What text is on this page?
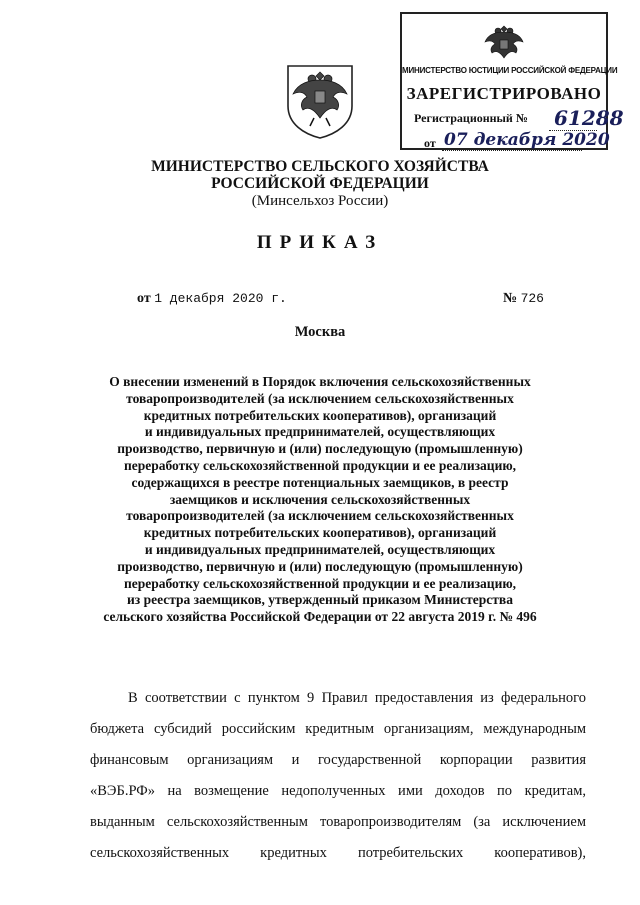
МИНИСТЕРСТВО ЮСТИЦИИ РОССИЙСКОЙ ФЕДЕРАЦИИ
ЗАРЕГИСТРИРОВАНО
Регистрационный № 61288
от 07 декабря 2020
МИНИСТЕРСТВО СЕЛЬСКОГО ХОЗЯЙСТВА
РОССИЙСКОЙ ФЕДЕРАЦИИ
(Минсельхоз России)
ПРИКАЗ
от 1 декабря 2020 г.	№ 726
Москва
О внесении изменений в Порядок включения сельскохозяйственных
товаропроизводителей (за исключением сельскохозяйственных
кредитных потребительских кооперативов), организаций
и индивидуальных предпринимателей, осуществляющих
производство, первичную и (или) последующую (промышленную)
переработку сельскохозяйственной продукции и ее реализацию,
содержащихся в реестре потенциальных заемщиков, в реестр
заемщиков и исключения сельскохозяйственных
товаропроизводителей (за исключением сельскохозяйственных
кредитных потребительских кооперативов), организаций
и индивидуальных предпринимателей, осуществляющих
производство, первичную и (или) последующую (промышленную)
переработку сельскохозяйственной продукции и ее реализацию,
из реестра заемщиков, утвержденный приказом Министерства
сельского хозяйства Российской Федерации от 22 августа 2019 г. № 496
В соответствии с пунктом 9 Правил предоставления из федерального
бюджета субсидий российским кредитным организациям, международным
финансовым организациям и государственной корпорации развития
«ВЭБ.РФ» на возмещение недополученных ими доходов по кредитам,
выданным сельскохозяйственным товаропроизводителям (за исключением
сельскохозяйственных кредитных потребительских кооперативов),
